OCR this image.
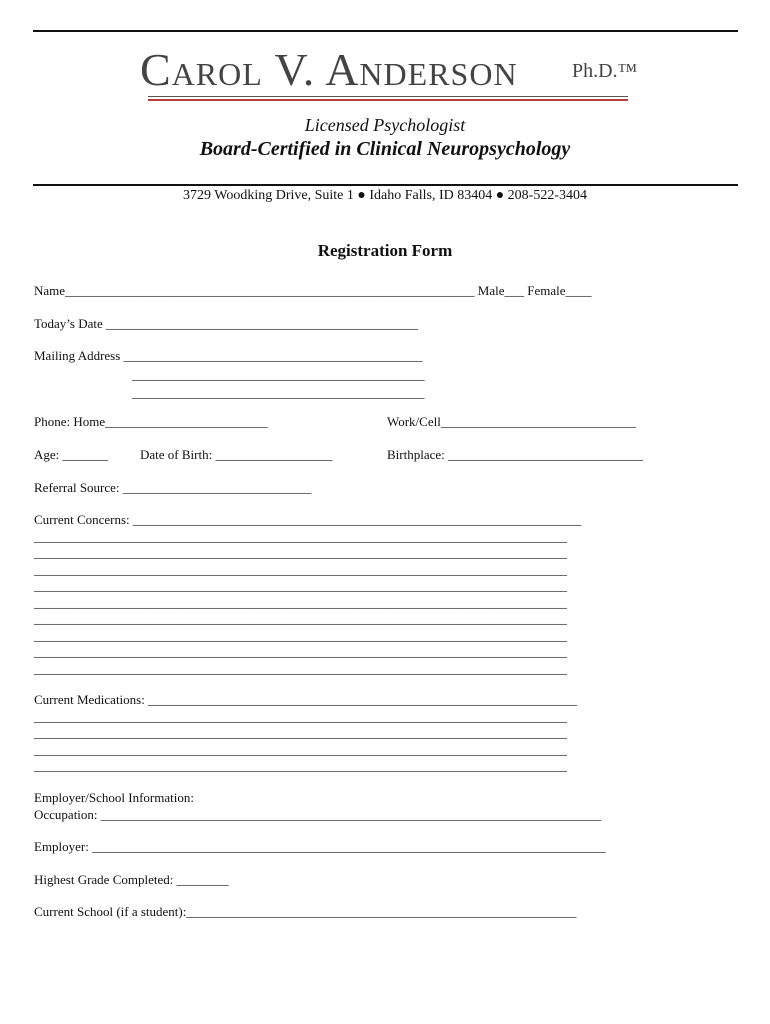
Carol V. Anderson	Ph.D.™
Licensed Psychologist
Board-Certified in Clinical Neuropsychology
3729 Woodking Drive, Suite 1 ● Idaho Falls, ID 83404 ● 208-522-3404
Registration Form
Name_______________________________________________________________ Male___ Female____
Today’s Date ________________________________________________
Mailing Address ______________________________________________
_____________________________________________
_____________________________________________
Phone: Home_________________________	Work/Cell______________________________
Age: _______ Date of Birth: __________________	Birthplace: ______________________________
Referral Source: _____________________________
Current Concerns: _____________________________________________________________________
__________________________________________________________________________________
__________________________________________________________________________________
__________________________________________________________________________________
__________________________________________________________________________________
__________________________________________________________________________________
__________________________________________________________________________________
__________________________________________________________________________________
__________________________________________________________________________________
__________________________________________________________________________________
Current Medications: __________________________________________________________________
__________________________________________________________________________________
__________________________________________________________________________________
__________________________________________________________________________________
__________________________________________________________________________________
Employer/School Information:
Occupation: _____________________________________________________________________________
Employer: _______________________________________________________________________________
Highest Grade Completed: ________
Current School (if a student):____________________________________________________________
